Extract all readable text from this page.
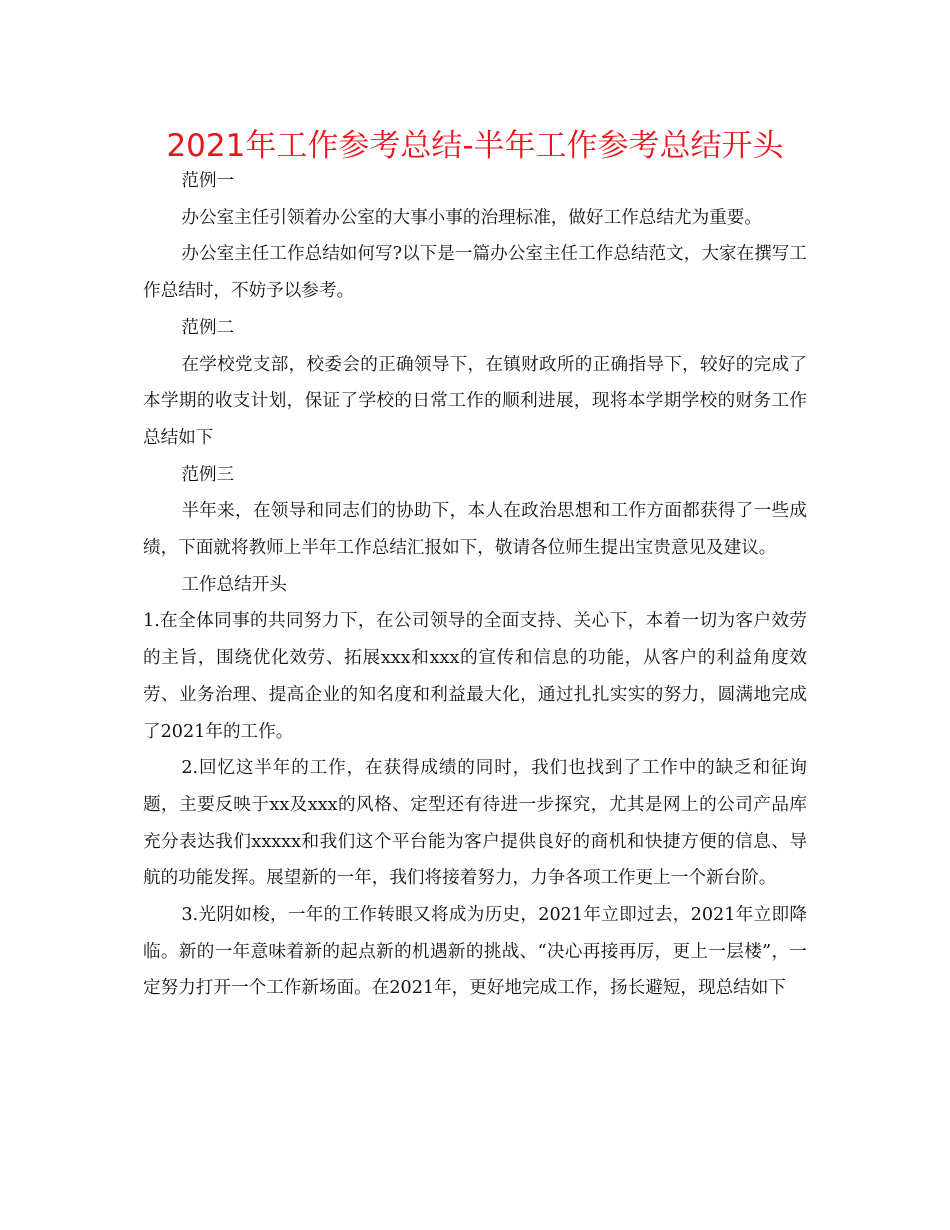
2021年工作参考总结-半年工作参考总结开头

范例一

办公室主任引领着办公室的大事小事的治理标准，做好工作总结尤为重要。

办公室主任工作总结如何写?以下是一篇办公室主任工作总结范文，大家在撰写工作总结时，不妨予以参考。

范例二

在学校党支部，校委会的正确领导下，在镇财政所的正确指导下，较好的完成了本学期的收支计划，保证了学校的日常工作的顺利进展，现将本学期学校的财务工作总结如下

范例三

半年来，在领导和同志们的协助下，本人在政治思想和工作方面都获得了一些成绩，下面就将教师上半年工作总结汇报如下，敬请各位师生提出宝贵意见及建议。

工作总结开头

1.在全体同事的共同努力下，在公司领导的全面支持、关心下，本着一切为客户效劳的主旨，围绕优化效劳、拓展xxx和xxx的宣传和信息的功能，从客户的利益角度效劳、业务治理、提高企业的知名度和利益最大化，通过扎扎实实的努力，圆满地完成了2021年的工作。

2.回忆这半年的工作，在获得成绩的同时，我们也找到了工作中的缺乏和征询题，主要反映于xx及xxx的风格、定型还有待进一步探究，尤其是网上的公司产品库充分表达我们xxxxx和我们这个平台能为客户提供良好的商机和快捷方便的信息、导航的功能发挥。展望新的一年，我们将接着努力，力争各项工作更上一个新台阶。

3.光阴如梭，一年的工作转眼又将成为历史，2021年立即过去，2021年立即降临。新的一年意味着新的起点新的机遇新的挑战、“决心再接再厉，更上一层楼”，一定努力打开一个工作新场面。在2021年，更好地完成工作，扬长避短，现总结如下
